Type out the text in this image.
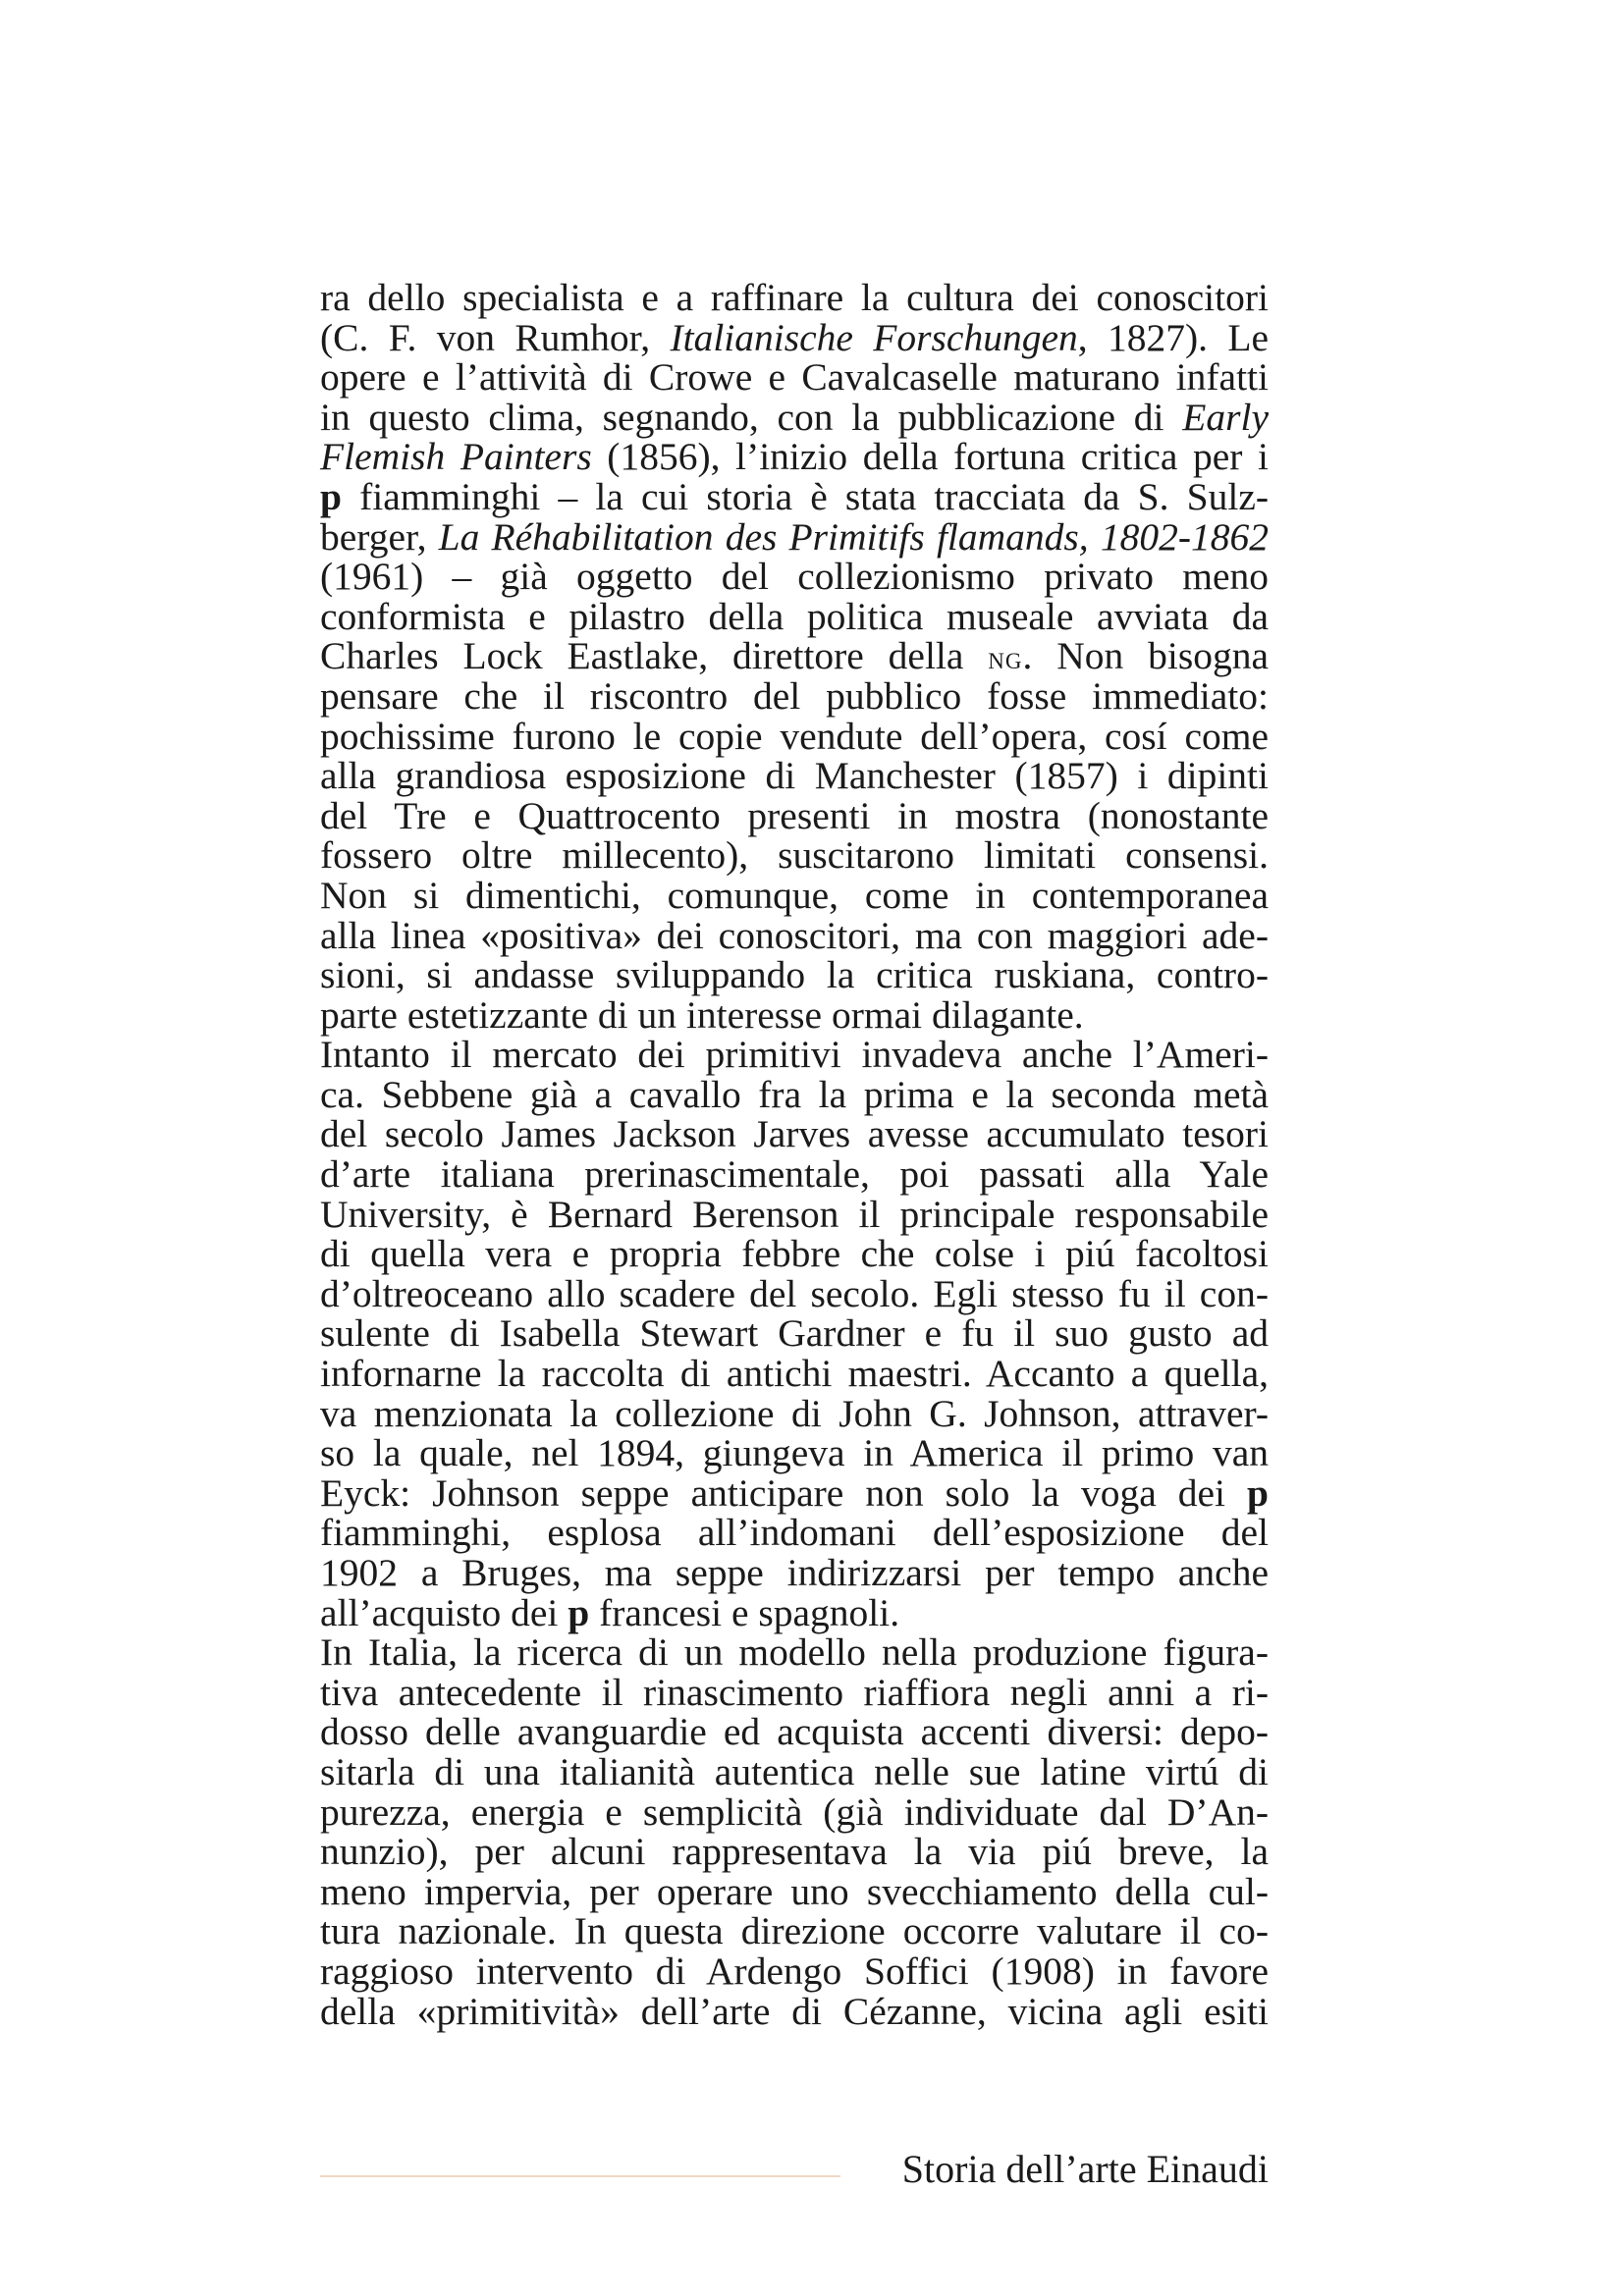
ra dello specialista e a raffinare la cultura dei conoscitori
(C. F. von Rumhor, Italianische Forschungen, 1827). Le
opere e l’attività di Crowe e Cavalcaselle maturano infatti
in questo clima, segnando, con la pubblicazione di Early
Flemish Painters (1856), l’inizio della fortuna critica per i
p fiamminghi – la cui storia è stata tracciata da S. Sulz-
berger, La Réhabilitation des Primitifs flamands, 1802-1862
(1961) – già oggetto del collezionismo privato meno
conformista e pilastro della politica museale avviata da
Charles Lock Eastlake, direttore della ng. Non bisogna
pensare che il riscontro del pubblico fosse immediato:
pochissime furono le copie vendute dell’opera, cosí come
alla grandiosa esposizione di Manchester (1857) i dipinti
del Tre e Quattrocento presenti in mostra (nonostante
fossero oltre millecento), suscitarono limitati consensi.
Non si dimentichi, comunque, come in contemporanea
alla linea «positiva» dei conoscitori, ma con maggiori ade-
sioni, si andasse sviluppando la critica ruskiana, contro-
parte estetizzante di un interesse ormai dilagante.
Intanto il mercato dei primitivi invadeva anche l’Ameri-
ca. Sebbene già a cavallo fra la prima e la seconda metà
del secolo James Jackson Jarves avesse accumulato tesori
d’arte italiana prerinascimentale, poi passati alla Yale
University, è Bernard Berenson il principale responsabile
di quella vera e propria febbre che colse i piú facoltosi
d’oltreoceano allo scadere del secolo. Egli stesso fu il con-
sulente di Isabella Stewart Gardner e fu il suo gusto ad
infornarne la raccolta di antichi maestri. Accanto a quella,
va menzionata la collezione di John G. Johnson, attraver-
so la quale, nel 1894, giungeva in America il primo van
Eyck: Johnson seppe anticipare non solo la voga dei p
fiamminghi, esplosa all’indomani dell’esposizione del
1902 a Bruges, ma seppe indirizzarsi per tempo anche
all’acquisto dei p francesi e spagnoli.
In Italia, la ricerca di un modello nella produzione figura-
tiva antecedente il rinascimento riaffiora negli anni a ri-
dosso delle avanguardie ed acquista accenti diversi: depo-
sitarla di una italianità autentica nelle sue latine virtú di
purezza, energia e semplicità (già individuate dal D’An-
nunzio), per alcuni rappresentava la via piú breve, la
meno impervia, per operare uno svecchiamento della cul-
tura nazionale. In questa direzione occorre valutare il co-
raggioso intervento di Ardengo Soffici (1908) in favore
della «primitività» dell’arte di Cézanne, vicina agli esiti
Storia dell’arte Einaudi
